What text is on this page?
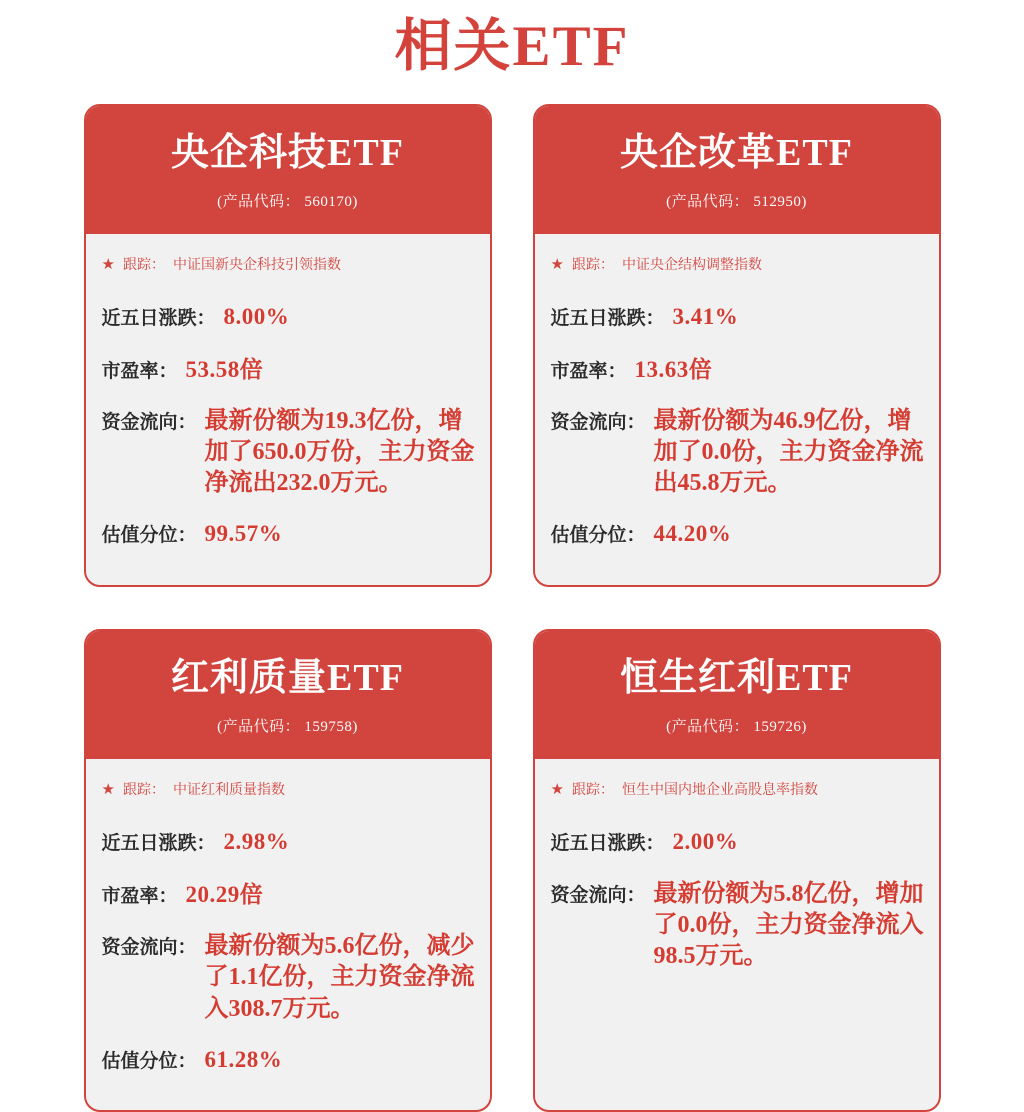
相关ETF
央企科技ETF
(产品代码： 560170)
★ 跟踪： 中证国新央企科技引领指数
近五日涨跌： 8.00%
市盈率： 53.58倍
资金流向： 最新份额为19.3亿份，增加了650.0万份，主力资金净流出232.0万元。
估值分位： 99.57%
央企改革ETF
(产品代码： 512950)
★ 跟踪： 中证央企结构调整指数
近五日涨跌： 3.41%
市盈率： 13.63倍
资金流向： 最新份额为46.9亿份，增加了0.0份，主力资金净流出45.8万元。
估值分位： 44.20%
红利质量ETF
(产品代码： 159758)
★ 跟踪： 中证红利质量指数
近五日涨跌： 2.98%
市盈率： 20.29倍
资金流向： 最新份额为5.6亿份，减少了1.1亿份，主力资金净流入308.7万元。
估值分位： 61.28%
恒生红利ETF
(产品代码： 159726)
★ 跟踪： 恒生中国内地企业高股息率指数
近五日涨跌： 2.00%
资金流向： 最新份额为5.8亿份，增加了0.0份，主力资金净流入98.5万元。
